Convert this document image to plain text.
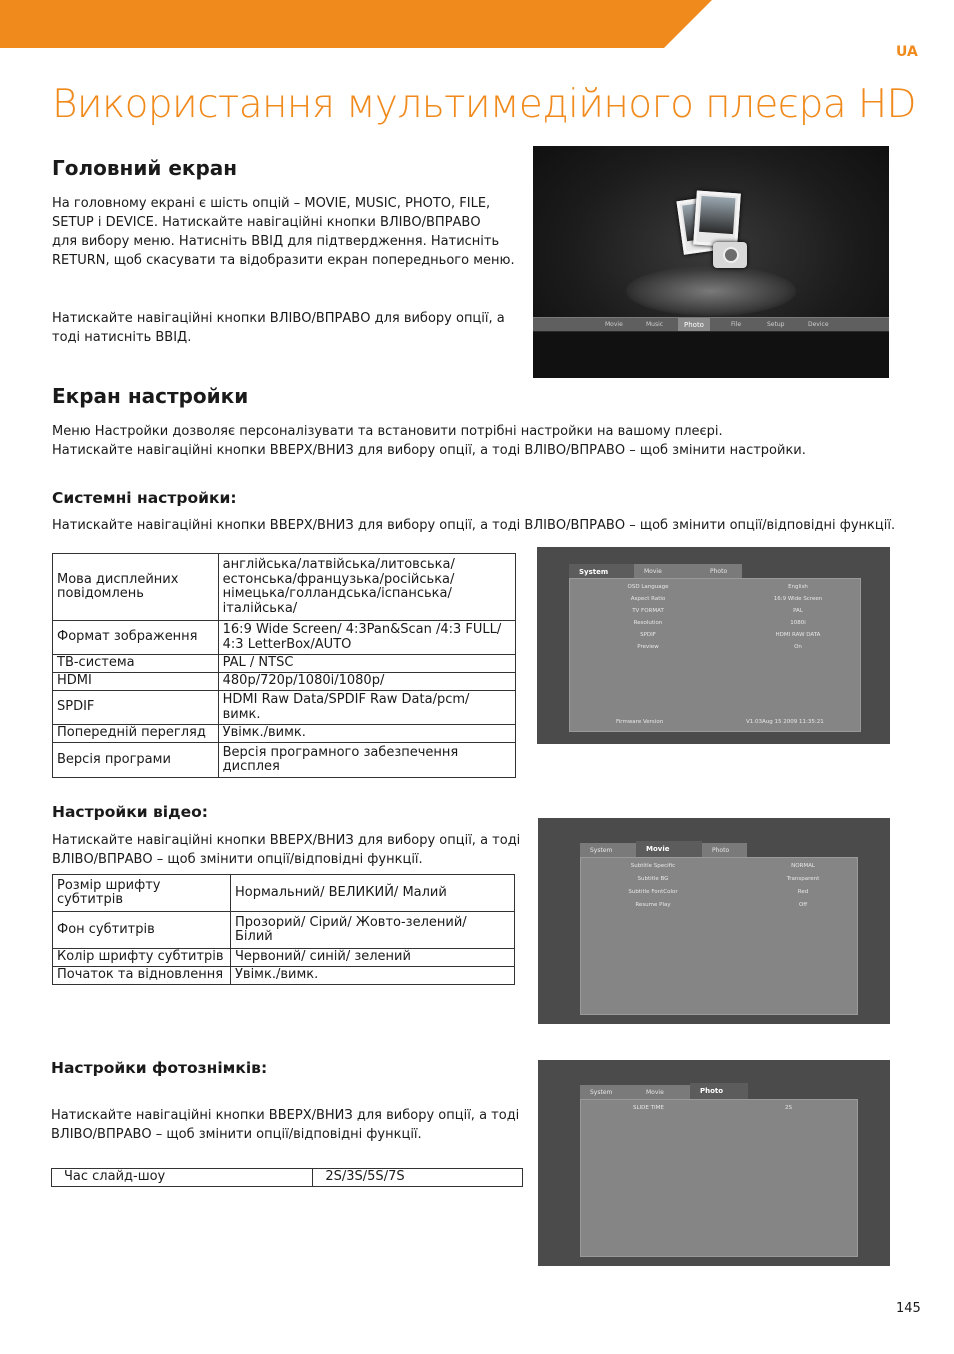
UA
Використання мультимедійного плеєра HD
Головний екран

На головному екрані є шість опцій – MOVIE, MUSIC, PHOTO, FILE,
SETUP і DEVICE. Натискайте навігаційні кнопки ВЛІВО/ВПРАВО
для вибору меню. Натисніть ВВІД для підтвердження. Натисніть
RETURN, щоб скасувати та відобразити екран попереднього меню.

Натискайте навігаційні кнопки ВЛІВО/ВПРАВО для вибору опції, а
тоді натисніть ВВІД.

Movie	Music	Photo	File	Setup	Device
Екран настройки

Меню Настройки дозволяє персоналізувати та встановити потрібні настройки на вашому плеєрі.
Натискайте навігаційні кнопки ВВЕРХ/ВНИЗ для вибору опції, а тоді ВЛІВО/ВПРАВО – щоб змінити настройки.

Системні настройки:
Натискайте навігаційні кнопки ВВЕРХ/ВНИЗ для вибору опції, а тоді ВЛІВО/ВПРАВО – щоб змінити опції/відповідні функції.
Мова дисплейних
повідомлень	англійська/латвійська/литовська/
естонська/французька/російська/
німецька/голландська/іспанська/
італійська/
Формат зображення	16:9 Wide Screen/ 4:3Pan&Scan /4:3 FULL/
4:3 LetterBox/AUTO
ТВ-система	PAL / NTSC
HDMI	480p/720p/1080i/1080p/
SPDIF	HDMI Raw Data/SPDIF Raw Data/pcm/
вимк.
Попередній перегляд	Увімк./вимк.
Версія програми	Версія програмного забезпечення
дисплея
System	Movie	Photo
OSD Language	English
Aspect Ratio	16:9 Wide Screen
TV FORMAT	PAL
Resolution	1080i
SPDIF	HDMI RAW DATA
Preview	On
Firmware Version	V1.03Aug 15 2009 11:35:21
Настройки відео:

Натискайте навігаційні кнопки ВВЕРХ/ВНИЗ для вибору опції, а тоді
ВЛІВО/ВПРАВО – щоб змінити опції/відповідні функції.

Розмір шрифту
субтитрів	Нормальний/ ВЕЛИКИЙ/ Малий
Фон субтитрів	Прозорий/ Сірий/ Жовто-зелений/
Білий
Колір шрифту субтитрів	Червоний/ синій/ зелений
Початок та відновлення	Увімк./вимк.
System	Movie	Photo
Subtitle Specific	NORMAL
Subtitle BG	Transparent
Subtitle FontColor	Red
Resume Play	Off
Настройки фотознімків:

Натискайте навігаційні кнопки ВВЕРХ/ВНИЗ для вибору опції, а тоді
ВЛІВО/ВПРАВО – щоб змінити опції/відповідні функції.

Час слайд-шоу	2S/3S/5S/7S
System	Movie	Photo
SLIDE TIME	2S
145
